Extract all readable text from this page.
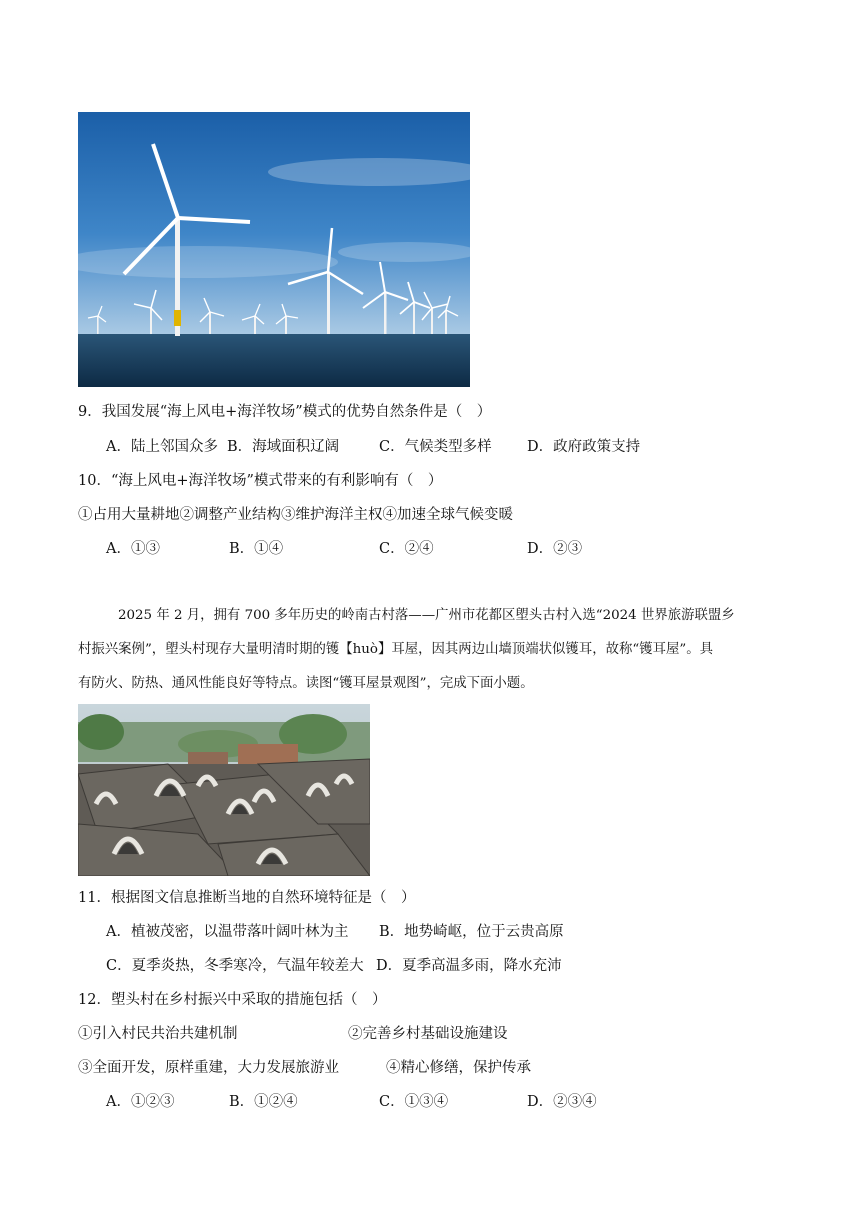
9．我国发展“海上风电+海洋牧场”模式的优势自然条件是（　）
A．陆上邻国众多 B．海域面积辽阔	C．气候类型多样 D．政府政策支持
10．“海上风电+海洋牧场”模式带来的有利影响有（　）
①占用大量耕地②调整产业结构③维护海洋主权④加速全球气候变暖
A．①③	B．①④	C．②④	D．②③
2025 年 2 月，拥有 700 多年历史的岭南古村落——广州市花都区塱头古村入选“2024 世界旅游联盟乡
村振兴案例”，塱头村现存大量明清时期的镬【huò】耳屋，因其两边山墙顶端状似镬耳，故称“镬耳屋”。具
有防火、防热、通风性能良好等特点。读图“镬耳屋景观图”，完成下面小题。
11．根据图文信息推断当地的自然环境特征是（　）
A．植被茂密，以温带落叶阔叶林为主 B．地势崎岖，位于云贵高原
C．夏季炎热，冬季寒冷，气温年较差大 D．夏季高温多雨，降水充沛
12．塱头村在乡村振兴中采取的措施包括（　）
①引入村民共治共建机制	②完善乡村基础设施建设
③全面开发，原样重建，大力发展旅游业	④精心修缮，保护传承
A．①②③	B．①②④	C．①③④	D．②③④
